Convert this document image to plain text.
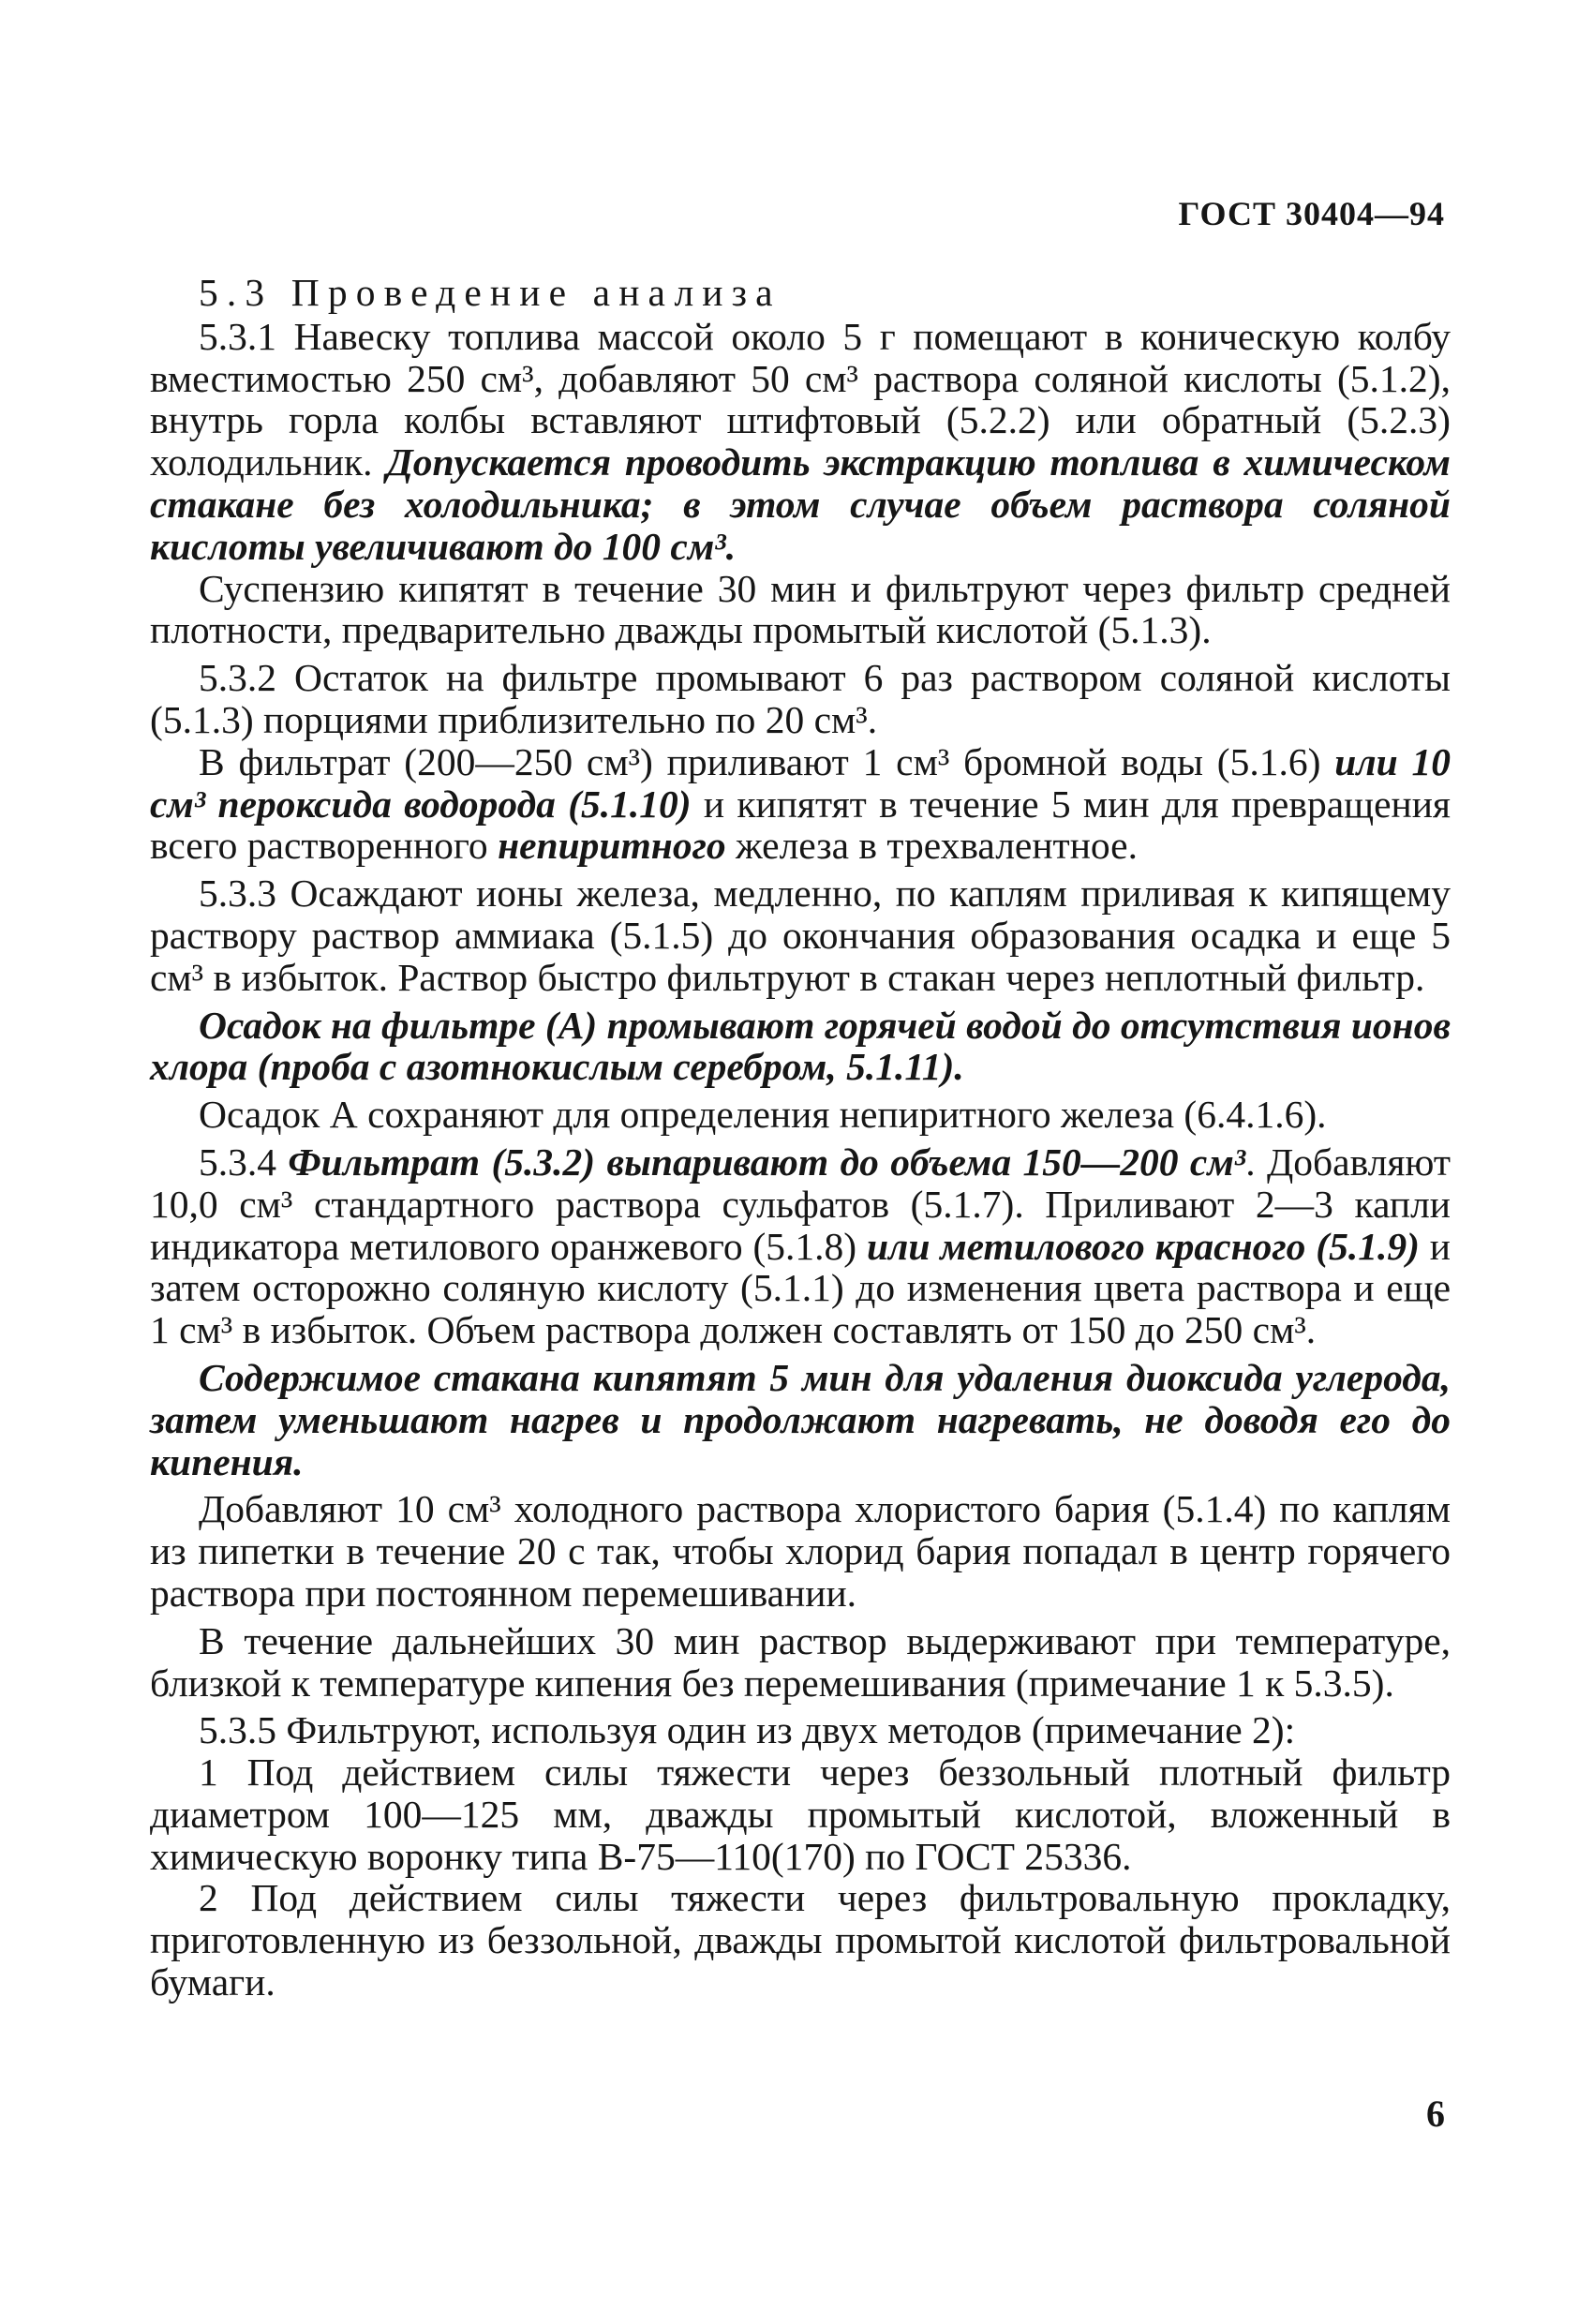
ГОСТ 30404—94
5.3 Проведение анализа

5.3.1 Навеску топлива массой около 5 г помещают в коническую колбу вместимостью 250 см³, добавляют 50 см³ раствора соляной кислоты (5.1.2), внутрь горла колбы вставляют штифтовый (5.2.2) или обратный (5.2.3) холодильник. Допускается проводить экстракцию топлива в химическом стакане без холодильника; в этом случае объем раствора соляной кислоты увеличивают до 100 см³.

Суспензию кипятят в течение 30 мин и фильтруют через фильтр средней плотности, предварительно дважды промытый кислотой (5.1.3).

5.3.2 Остаток на фильтре промывают 6 раз раствором соляной кислоты (5.1.3) порциями приблизительно по 20 см³.

В фильтрат (200—250 см³) приливают 1 см³ бромной воды (5.1.6) или 10 см³ пероксида водорода (5.1.10) и кипятят в течение 5 мин для превращения всего растворенного непиритного железа в трехвалентное.

5.3.3 Осаждают ионы железа, медленно, по каплям приливая к кипящему раствору раствор аммиака (5.1.5) до окончания образования осадка и еще 5 см³ в избыток. Раствор быстро фильтруют в стакан через неплотный фильтр.

Осадок на фильтре (А) промывают горячей водой до отсутствия ионов хлора (проба с азотнокислым серебром, 5.1.11).

Осадок А сохраняют для определения непиритного железа (6.4.1.6).

5.3.4 Фильтрат (5.3.2) выпаривают до объема 150—200 см³. Добавляют 10,0 см³ стандартного раствора сульфатов (5.1.7). Приливают 2—3 капли индикатора метилового оранжевого (5.1.8) или метилового красного (5.1.9) и затем осторожно соляную кислоту (5.1.1) до изменения цвета раствора и еще 1 см³ в избыток. Объем раствора должен составлять от 150 до 250 см³.

Содержимое стакана кипятят 5 мин для удаления диоксида углерода, затем уменьшают нагрев и продолжают нагревать, не доводя его до кипения.

Добавляют 10 см³ холодного раствора хлористого бария (5.1.4) по каплям из пипетки в течение 20 с так, чтобы хлорид бария попадал в центр горячего раствора при постоянном перемешивании.

В течение дальнейших 30 мин раствор выдерживают при температуре, близкой к температуре кипения без перемешивания (примечание 1 к 5.3.5).

5.3.5 Фильтруют, используя один из двух методов (примечание 2):

1 Под действием силы тяжести через беззольный плотный фильтр диаметром 100—125 мм, дважды промытый кислотой, вложенный в химическую воронку типа В-75—110(170) по ГОСТ 25336.

2 Под действием силы тяжести через фильтровальную прокладку, приготовленную из беззольной, дважды промытой кислотой фильтровальной бумаги.

6
